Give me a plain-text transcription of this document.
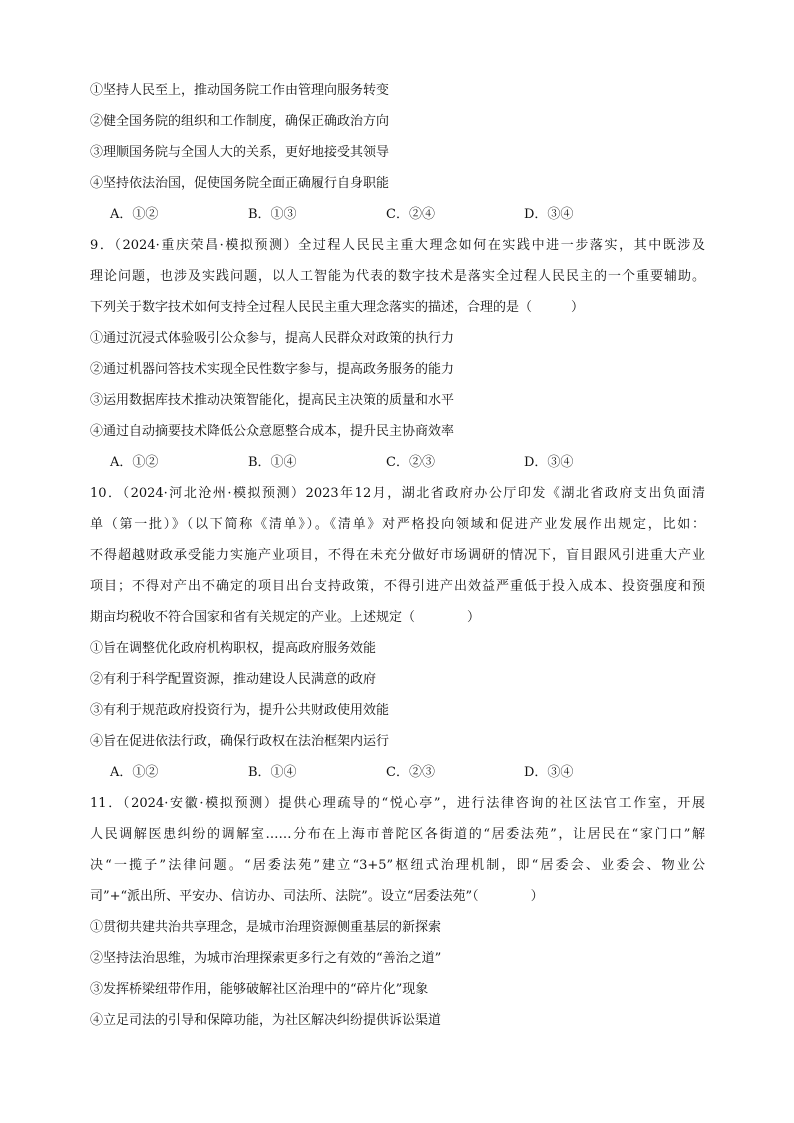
①坚持人民至上，推动国务院工作由管理向服务转变
②健全国务院的组织和工作制度，确保正确政治方向
③理顺国务院与全国人大的关系，更好地接受其领导
④坚持依法治国，促使国务院全面正确履行自身职能
A．①②	B．①③	C．②④	D．③④
9．（2024·重庆荣昌·模拟预测）全过程人民民主重大理念如何在实践中进一步落实，其中既涉及
理论问题，也涉及实践问题，以人工智能为代表的数字技术是落实全过程人民民主的一个重要辅助。
下列关于数字技术如何支持全过程人民民主重大理念落实的描述，合理的是（　　　）
①通过沉浸式体验吸引公众参与，提高人民群众对政策的执行力
②通过机器问答技术实现全民性数字参与，提高政务服务的能力
③运用数据库技术推动决策智能化，提高民主决策的质量和水平
④通过自动摘要技术降低公众意愿整合成本，提升民主协商效率
A．①②	B．①④	C．②③	D．③④
10．（2024·河北沧州·模拟预测）2023年12月，湖北省政府办公厅印发《湖北省政府支出负面清
单（第一批）》（以下简称《清单》）。《清单》对严格投向领域和促进产业发展作出规定，比如：
不得超越财政承受能力实施产业项目，不得在未充分做好市场调研的情况下，盲目跟风引进重大产业
项目；不得对产出不确定的项目出台支持政策，不得引进产出效益严重低于投入成本、投资强度和预
期亩均税收不符合国家和省有关规定的产业。上述规定（　　　　）
①旨在调整优化政府机构职权，提高政府服务效能
②有利于科学配置资源，推动建设人民满意的政府
③有利于规范政府投资行为，提升公共财政使用效能
④旨在促进依法行政，确保行政权在法治框架内运行
A．①②	B．①④	C．②③	D．③④
11．（2024·安徽·模拟预测）提供心理疏导的“悦心亭”，进行法律咨询的社区法官工作室，开展
人民调解医患纠纷的调解室……分布在上海市普陀区各街道的“居委法苑”，让居民在“家门口”解
决“一揽子”法律问题。“居委法苑”建立“3+5”枢纽式治理机制，即“居委会、业委会、物业公
司”+“派出所、平安办、信访办、司法所、法院”。设立“居委法苑”（　　　　）
①贯彻共建共治共享理念，是城市治理资源侧重基层的新探索
②坚持法治思维，为城市治理探索更多行之有效的“善治之道”
③发挥桥梁纽带作用，能够破解社区治理中的“碎片化”现象
④立足司法的引导和保障功能，为社区解决纠纷提供诉讼渠道
